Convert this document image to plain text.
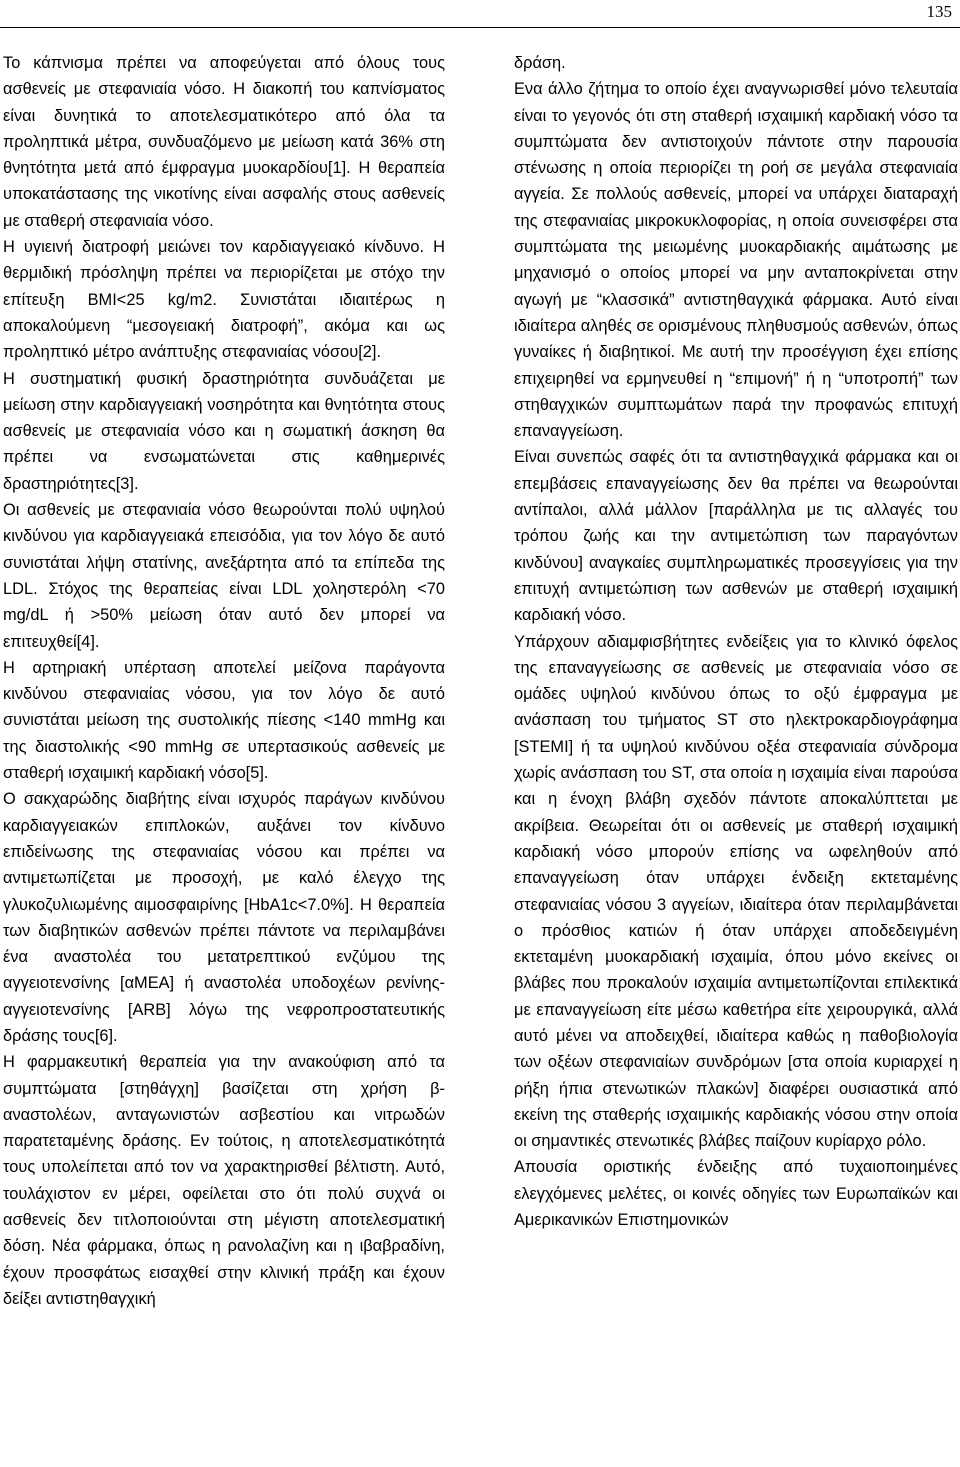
135

Το κάπνισμα πρέπει να αποφεύγεται από όλους τους ασθενείς με στεφανιαία νόσο. Η διακοπή του καπνίσματος είναι δυνητικά το αποτελεσματικότερο από όλα τα προληπτικά μέτρα, συνδυαζόμενο με μείωση κατά 36% στη θνητότητα μετά από έμφραγμα μυοκαρδίου[1]. Η θεραπεία υποκατάστασης της νικοτίνης είναι ασφαλής στους ασθενείς με σταθερή στεφανιαία νόσο.

Η υγιεινή διατροφή μειώνει τον καρδιαγγειακό κίνδυνο. Η θερμιδική πρόσληψη πρέπει να περιορίζεται με στόχο την επίτευξη BMI<25 kg/m2. Συνιστάται ιδιαιτέρως η αποκαλούμενη “μεσογειακή διατροφή”, ακόμα και ως προληπτικό μέτρο ανάπτυξης στεφανιαίας νόσου[2].

Η συστηματική φυσική δραστηριότητα συνδυάζεται με μείωση στην καρδιαγγειακή νοσηρότητα και θνητότητα στους ασθενείς με στεφανιαία νόσο και η σωματική άσκηση θα πρέπει να ενσωματώνεται στις καθημερινές δραστηριότητες[3].

Οι ασθενείς με στεφανιαία νόσο θεωρούνται πολύ υψηλού κινδύνου για καρδιαγγειακά επεισόδια, για τον λόγο δε αυτό συνιστάται λήψη στατίνης, ανεξάρτητα από τα επίπεδα της LDL. Στόχος της θεραπείας είναι LDL χοληστερόλη <70 mg/dL ή >50% μείωση όταν αυτό δεν μπορεί να επιτευχθεί[4].

Η αρτηριακή υπέρταση αποτελεί μείζονα παράγοντα κινδύνου στεφανιαίας νόσου, για τον λόγο δε αυτό συνιστάται μείωση της συστολικής πίεσης <140 mmHg και της διαστολικής <90 mmHg σε υπερτασικούς ασθενείς με σταθερή ισχαιμική καρδιακή νόσο[5].

Ο σακχαρώδης διαβήτης είναι ισχυρός παράγων κινδύνου καρδιαγγειακών επιπλοκών, αυξάνει τον κίνδυνο επιδείνωσης της στεφανιαίας νόσου και πρέπει να αντιμετωπίζεται με προσοχή, με καλό έλεγχο της γλυκοζυλιωμένης αιμοσφαιρίνης [HbA1c<7.0%]. Η θεραπεία των διαβητικών ασθενών πρέπει πάντοτε να περιλαμβάνει ένα αναστολέα του μετατρεπτικού ενζύμου της αγγειοτενσίνης [αΜΕΑ] ή αναστολέα υποδοχέων ρενίνης-αγγειοτενσίνης [ARB] λόγω της νεφροπροστατευτικής δράσης τους[6].

Η φαρμακευτική θεραπεία για την ανακούφιση από τα συμπτώματα [στηθάγχη] βασίζεται στη χρήση β-αναστολέων, ανταγωνιστών ασβεστίου και νιτρωδών παρατεταμένης δράσης. Εν τούτοις, η αποτελεσματικότητά τους υπολείπεται από τον να χαρακτηρισθεί βέλτιστη. Αυτό, τουλάχιστον εν μέρει, οφείλεται στο ότι πολύ συχνά οι ασθενείς δεν τιτλοποιούνται στη μέγιστη αποτελεσματική δόση. Νέα φάρμακα, όπως η ρανολαζίνη και η ιβαβραδίνη, έχουν προσφάτως εισαχθεί στην κλινική πράξη και έχουν δείξει αντιστηθαγχική

δράση.

Ενα άλλο ζήτημα το οποίο έχει αναγνωρισθεί μόνο τελευταία είναι το γεγονός ότι στη σταθερή ισχαιμική καρδιακή νόσο τα συμπτώματα δεν αντιστοιχούν πάντοτε στην παρουσία στένωσης η οποία περιορίζει τη ροή σε μεγάλα στεφανιαία αγγεία. Σε πολλούς ασθενείς, μπορεί να υπάρχει διαταραχή της στεφανιαίας μικροκυκλοφορίας, η οποία συνεισφέρει στα συμπτώματα της μειωμένης μυοκαρδιακής αιμάτωσης με μηχανισμό ο οποίος μπορεί να μην ανταποκρίνεται στην αγωγή με “κλασσικά” αντιστηθαγχικά φάρμακα. Αυτό είναι ιδιαίτερα αληθές σε ορισμένους πληθυσμούς ασθενών, όπως γυναίκες ή διαβητικοί. Με αυτή την προσέγγιση έχει επίσης επιχειρηθεί να ερμηνευθεί η “επιμονή” ή η “υποτροπή” των στηθαγχικών συμπτωμάτων παρά την προφανώς επιτυχή επαναγγείωση.

Είναι συνεπώς σαφές ότι τα αντιστηθαγχικά φάρμακα και οι επεμβάσεις επαναγγείωσης δεν θα πρέπει να θεωρούνται αντίπαλοι, αλλά μάλλον [παράλληλα με τις αλλαγές του τρόπου ζωής και την αντιμετώπιση των παραγόντων κινδύνου] αναγκαίες συμπληρωματικές προσεγγίσεις για την επιτυχή αντιμετώπιση των ασθενών με σταθερή ισχαιμική καρδιακή νόσο.

Υπάρχουν αδιαμφισβήτητες ενδείξεις για το κλινικό όφελος της επαναγγείωσης σε ασθενείς με στεφανιαία νόσο σε ομάδες υψηλού κινδύνου όπως το οξύ έμφραγμα με ανάσπαση του τμήματος ST στο ηλεκτροκαρδιογράφημα [STEMI] ή τα υψηλού κινδύνου οξέα στεφανιαία σύνδρομα χωρίς ανάσπαση του ST, στα οποία η ισχαιμία είναι παρούσα και η ένοχη βλάβη σχεδόν πάντοτε αποκαλύπτεται με ακρίβεια. Θεωρείται ότι οι ασθενείς με σταθερή ισχαιμική καρδιακή νόσο μπορούν επίσης να ωφεληθούν από επαναγγείωση όταν υπάρχει ένδειξη εκτεταμένης στεφανιαίας νόσου 3 αγγείων, ιδιαίτερα όταν περιλαμβάνεται ο πρόσθιος κατιών ή όταν υπάρχει αποδεδειγμένη εκτεταμένη μυοκαρδιακή ισχαιμία, όπου μόνο εκείνες οι βλάβες που προκαλούν ισχαιμία αντιμετωπίζονται επιλεκτικά με επαναγγείωση είτε μέσω καθετήρα είτε χειρουργικά, αλλά αυτό μένει να αποδειχθεί, ιδιαίτερα καθώς η παθοβιολογία των οξέων στεφανιαίων συνδρόμων [στα οποία κυριαρχεί η ρήξη ήπια στενωτικών πλακών] διαφέρει ουσιαστικά από εκείνη της σταθερής ισχαιμικής καρδιακής νόσου στην οποία οι σημαντικές στενωτικές βλάβες παίζουν κυρίαρχο ρόλο.

Απουσία οριστικής ένδειξης από τυχαιοποιημένες ελεγχόμενες μελέτες, οι κοινές οδηγίες των Ευρωπαϊκών και Αμερικανικών Επιστημονικών
